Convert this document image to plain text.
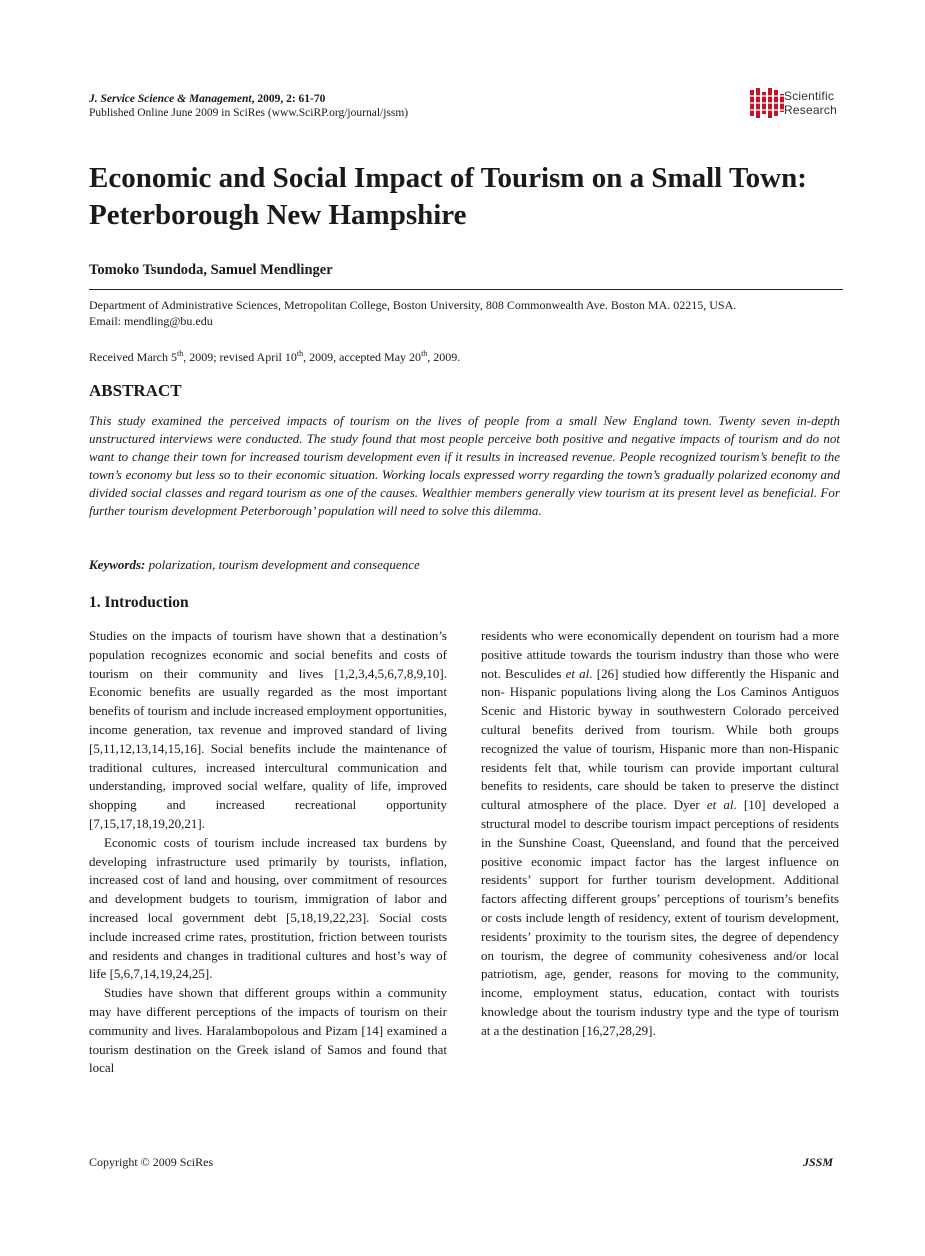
J. Service Science & Management, 2009, 2: 61-70
Published Online June 2009 in SciRes (www.SciRP.org/journal/jssm)
Scientific
Research
Economic and Social Impact of Tourism on a Small Town: Peterborough New Hampshire
Tomoko Tsundoda, Samuel Mendlinger
Department of Administrative Sciences, Metropolitan College, Boston University, 808 Commonwealth Ave. Boston MA. 02215, USA.
Email: mendling@bu.edu
Received March 5th, 2009; revised April 10th, 2009, accepted May 20th, 2009.
ABSTRACT
This study examined the perceived impacts of tourism on the lives of people from a small New England town. Twenty seven in-depth unstructured interviews were conducted. The study found that most people perceive both positive and negative impacts of tourism and do not want to change their town for increased tourism development even if it results in increased revenue. People recognized tourism’s benefit to the town’s economy but less so to their economic situation. Working locals expressed worry regarding the town’s gradually polarized economy and divided social classes and regard tourism as one of the causes. Wealthier members generally view tourism at its present level as beneficial. For further tourism development Peterborough’ population will need to solve this dilemma.
Keywords: polarization, tourism development and consequence
1. Introduction

Studies on the impacts of tourism have shown that a destination’s population recognizes economic and social benefits and costs of tourism on their community and lives [1,2,3,4,5,6,7,8,9,10]. Economic benefits are usually regarded as the most important benefits of tourism and include increased employment opportunities, income generation, tax revenue and improved standard of living [5,11,12,13,14,15,16]. Social benefits include the maintenance of traditional cultures, increased intercultural communication and understanding, improved social welfare, quality of life, improved shopping and increased recreational opportunity [7,15,17,18,19,20,21].

Economic costs of tourism include increased tax burdens by developing infrastructure used primarily by tourists, inflation, increased cost of land and housing, over commitment of resources and development budgets to tourism, immigration of labor and increased local government debt [5,18,19,22,23]. Social costs include increased crime rates, prostitution, friction between tourists and residents and changes in traditional cultures and host’s way of life [5,6,7,14,19,24,25].

Studies have shown that different groups within a community may have different perceptions of the impacts of tourism on their community and lives. Haralambopolous and Pizam [14] examined a tourism destination on the Greek island of Samos and found that local

residents who were economically dependent on tourism had a more positive attitude towards the tourism industry than those who were not. Besculides et al. [26] studied how differently the Hispanic and non- Hispanic populations living along the Los Caminos Antiguos Scenic and Historic byway in southwestern Colorado perceived cultural benefits derived from tourism. While both groups recognized the value of tourism, Hispanic more than non-Hispanic residents felt that, while tourism can provide important cultural benefits to residents, care should be taken to preserve the distinct cultural atmosphere of the place. Dyer et al. [10] developed a structural model to describe tourism impact perceptions of residents in the Sunshine Coast, Queensland, and found that the perceived positive economic impact factor has the largest influence on residents’ support for further tourism development. Additional factors affecting different groups’ perceptions of tourism’s benefits or costs include length of residency, extent of tourism development, residents’ proximity to the tourism sites, the degree of dependency on tourism, the degree of community cohesiveness and/or local patriotism, age, gender, reasons for moving to the community, income, employment status, education, contact with tourists knowledge about the tourism industry type and the type of tourism at a the destination [16,27,28,29].

Copyright © 2009 SciRes	JSSM
